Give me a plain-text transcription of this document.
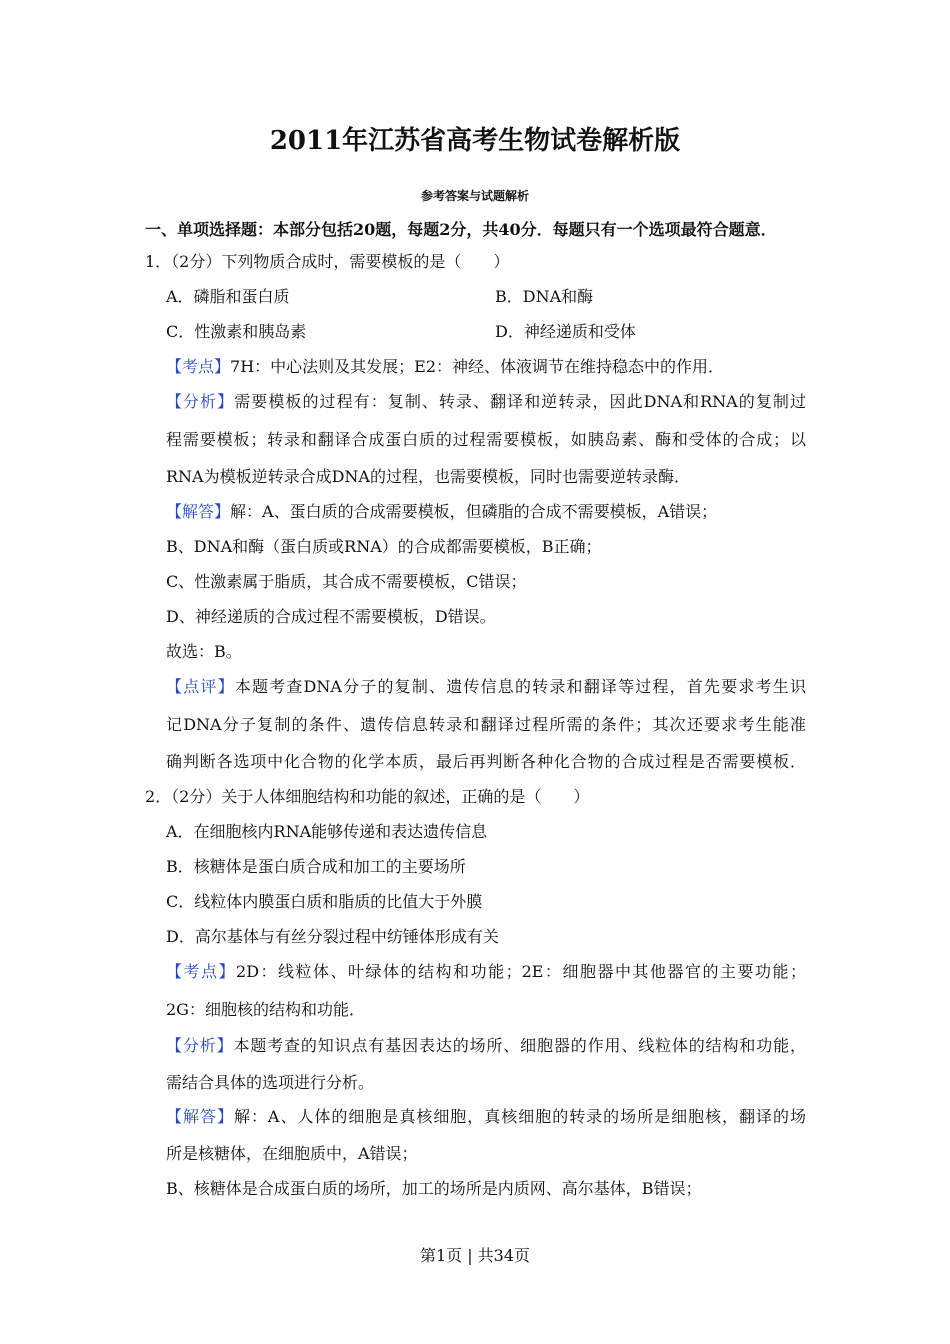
2011年江苏省高考生物试卷解析版
参考答案与试题解析
一、单项选择题：本部分包括20题，每题2分，共40分．每题只有一个选项最符合题意．
1．（2分）下列物质合成时，需要模板的是（　　）
A．磷脂和蛋白质	B．DNA和酶
C．性激素和胰岛素	D．神经递质和受体
【考点】7H：中心法则及其发展；E2：神经、体液调节在维持稳态中的作用．
【分析】需要模板的过程有：复制、转录、翻译和逆转录，因此DNA和RNA的复制过
程需要模板；转录和翻译合成蛋白质的过程需要模板，如胰岛素、酶和受体的合成；以
RNA为模板逆转录合成DNA的过程，也需要模板，同时也需要逆转录酶．
【解答】解：A、蛋白质的合成需要模板，但磷脂的合成不需要模板，A错误；
B、DNA和酶（蛋白质或RNA）的合成都需要模板，B正确；
C、性激素属于脂质，其合成不需要模板，C错误；
D、神经递质的合成过程不需要模板，D错误。
故选：B。
【点评】本题考查DNA分子的复制、遗传信息的转录和翻译等过程，首先要求考生识
记DNA分子复制的条件、遗传信息转录和翻译过程所需的条件；其次还要求考生能准
确判断各选项中化合物的化学本质，最后再判断各种化合物的合成过程是否需要模板．
2．（2分）关于人体细胞结构和功能的叙述，正确的是（　　）
A．在细胞核内RNA能够传递和表达遗传信息
B．核糖体是蛋白质合成和加工的主要场所
C．线粒体内膜蛋白质和脂质的比值大于外膜
D．高尔基体与有丝分裂过程中纺锤体形成有关
【考点】2D：线粒体、叶绿体的结构和功能；2E：细胞器中其他器官的主要功能；
2G：细胞核的结构和功能．
【分析】本题考查的知识点有基因表达的场所、细胞器的作用、线粒体的结构和功能，
需结合具体的选项进行分析。
【解答】解：A、人体的细胞是真核细胞，真核细胞的转录的场所是细胞核，翻译的场
所是核糖体，在细胞质中，A错误；
B、核糖体是合成蛋白质的场所，加工的场所是内质网、高尔基体，B错误；
第1页 | 共34页
